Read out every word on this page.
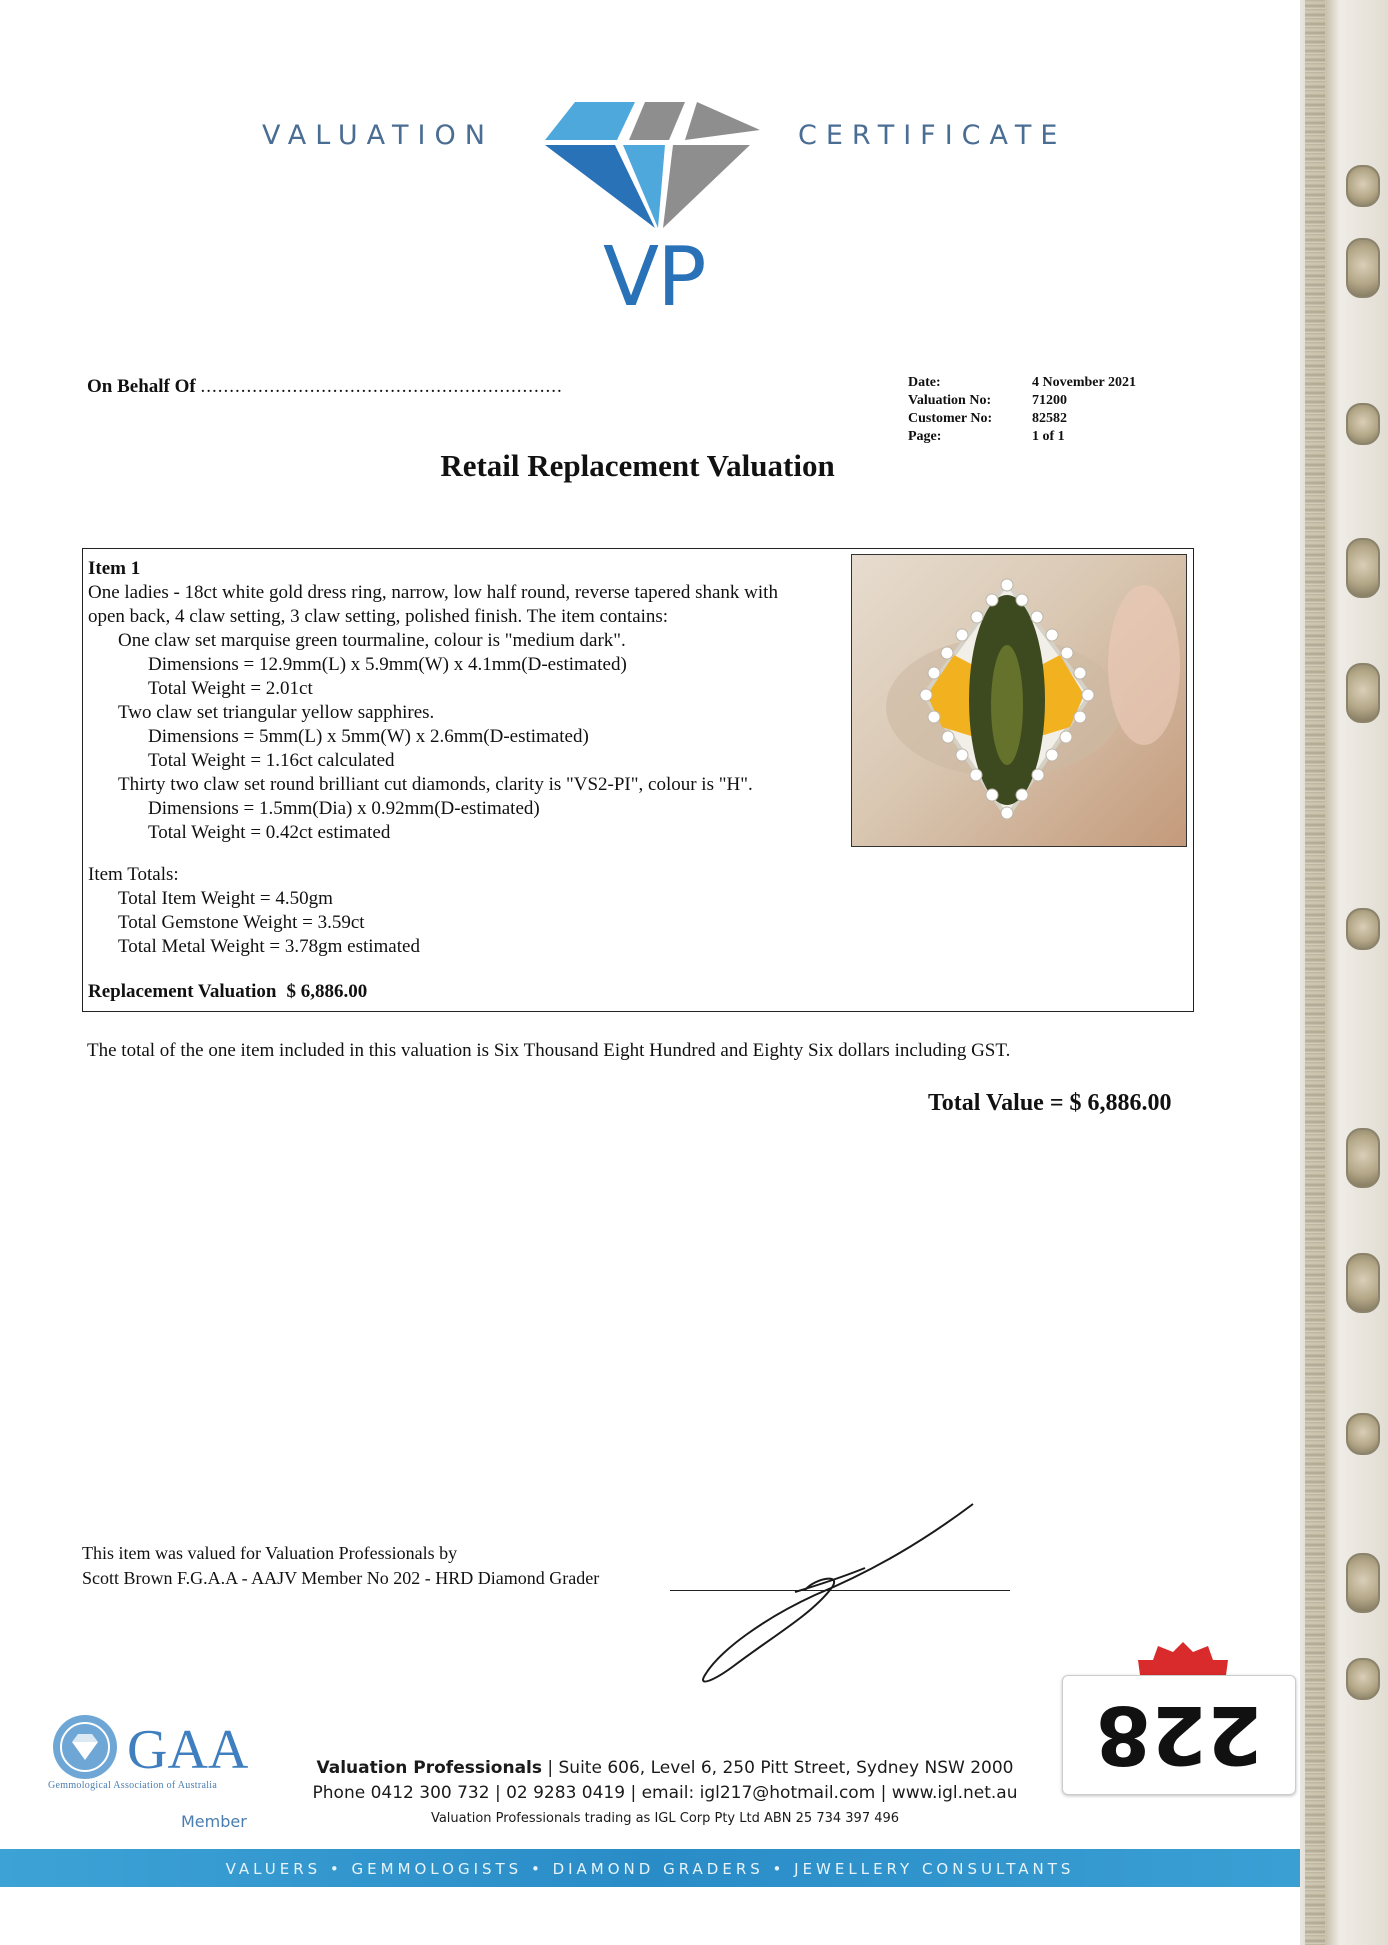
VALUATION
VP
CERTIFICATE
On Behalf Of ...............................................................	Date:	4 November 2021
Valuation No:	71200
Customer No:	82582
Page:	1 of 1
Retail Replacement Valuation
Item 1
One ladies - 18ct white gold dress ring, narrow, low half round, reverse tapered shank with
open back, 4 claw setting, 3 claw setting, polished finish. The item contains:
One claw set marquise green tourmaline, colour is "medium dark".
Dimensions = 12.9mm(L) x 5.9mm(W) x 4.1mm(D-estimated)
Total Weight = 2.01ct
Two claw set triangular yellow sapphires.
Dimensions = 5mm(L) x 5mm(W) x 2.6mm(D-estimated)
Total Weight = 1.16ct calculated
Thirty two claw set round brilliant cut diamonds, clarity is "VS2-PI", colour is "H".
Dimensions = 1.5mm(Dia) x 0.92mm(D-estimated)
Total Weight = 0.42ct estimated
Item Totals:
Total Item Weight = 4.50gm
Total Gemstone Weight = 3.59ct
Total Metal Weight = 3.78gm estimated
Replacement Valuation $ 6,886.00
The total of the one item included in this valuation is Six Thousand Eight Hundred and Eighty Six dollars including GST.
Total Value = $ 6,886.00
This item was valued for Valuation Professionals by
Scott Brown F.G.A.A - AAJV Member No 202 - HRD Diamond Grader
GAA
Gemmological Association of Australia
Member
Valuation Professionals | Suite 606, Level 6, 250 Pitt Street, Sydney NSW 2000
Phone 0412 300 732 | 02 9283 0419 | email: igl217@hotmail.com | www.igl.net.au
Valuation Professionals trading as IGL Corp Pty Ltd ABN 25 734 397 496
VALUERS • GEMMOLOGISTS • DIAMOND GRADERS • JEWELLERY CONSULTANTS
228
